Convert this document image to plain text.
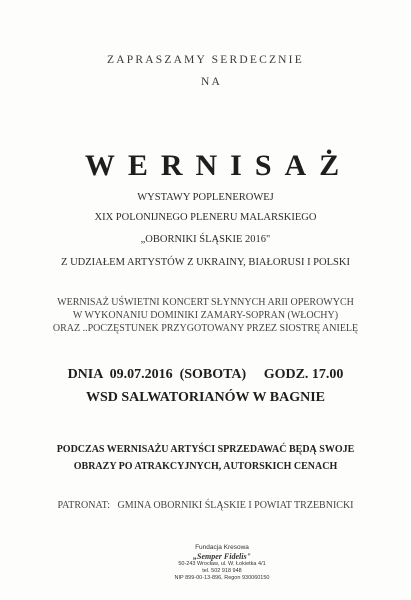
ZAPRASZAMY SERDECZNIE
NA
WERNISAŻ
WYSTAWY POPLENEROWEJ
XIX POLONIJNEGO PLENERU MALARSKIEGO
„OBORNIKI ŚLĄSKIE 2016"
Z UDZIAŁEM ARTYSTÓW Z UKRAINY, BIAŁORUSI I POLSKI
WERNISAŻ UŚWIETNI KONCERT SŁYNNYCH ARII OPEROWYCH
W WYKONANIU DOMINIKI ZAMARY-SOPRAN (WŁOCHY)
ORAZ ..POCZĘSTUNEK PRZYGOTOWANY PRZEZ SIOSTRĘ ANIELĘ
DNIA  09.07.2016  (SOBOTA)     GODZ. 17.00
WSD SALWATORIANÓW W BAGNIE
PODCZAS WERNISAŻU ARTYŚCI SPRZEDAWAĆ BĘDĄ SWOJE
OBRAZY PO ATRAKCYJNYCH, AUTORSKICH CENACH
PATRONAT:   GMINA OBORNIKI ŚLĄSKIE I POWIAT TRZEBNICKI
Fundacja Kresowa
„Semper Fidelis"
50-243 Wrocław, ul. W. Łokietka 4/1
tel. 502 918 948
NIP 899-00-13-896, Regon 930060150
